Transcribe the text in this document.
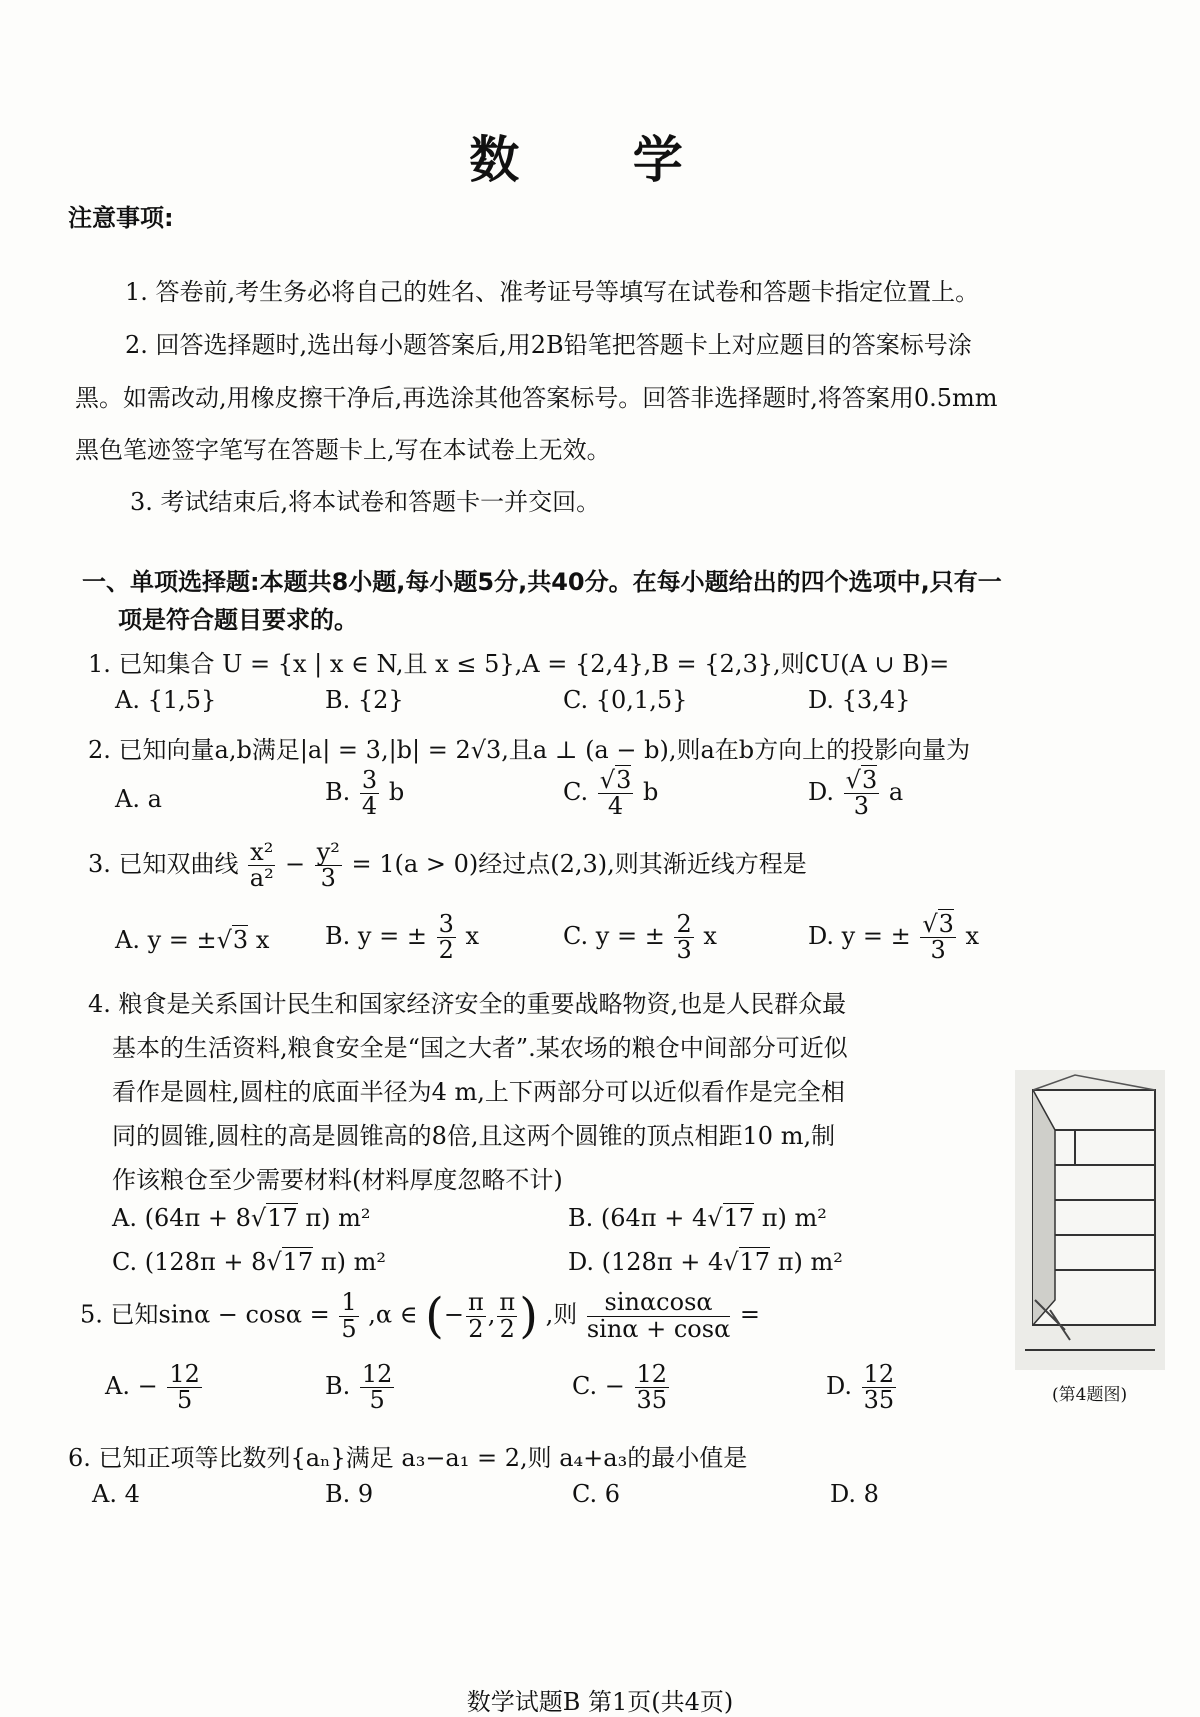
数 学
注意事项:
1. 答卷前,考生务必将自己的姓名、准考证号等填写在试卷和答题卡指定位置上。
2. 回答选择题时,选出每小题答案后,用2B铅笔把答题卡上对应题目的答案标号涂
黑。如需改动,用橡皮擦干净后,再选涂其他答案标号。回答非选择题时,将答案用0.5mm
黑色笔迹签字笔写在答题卡上,写在本试卷上无效。
3. 考试结束后,将本试卷和答题卡一并交回。
一、单项选择题:本题共8小题,每小题5分,共40分。在每小题给出的四个选项中,只有一
项是符合题目要求的。
1. 已知集合 U = {x | x ∈ N,且 x ≤ 5},A = {2,4},B = {2,3},则∁U(A ∪ B)=
A. {1,5}	B. {2}	C. {0,1,5}	D. {3,4}
2. 已知向量a,b满足|a| = 3,|b| = 2√3,且a ⊥ (a − b),则a在b方向上的投影向量为
A. a	B. $\frac{3}{4}$ b	C. $\frac{√3}{4}$ b	D. $\frac{√3}{3}$ a
3. 已知双曲线 $\frac{\text{x²}}{\text{a²}} - \frac{\text{y²}}{3} = 1(a > 0)$经过点(2,3),则其渐近线方程是
A. y = ±√3 x B. y = ± $\frac{3}{2}$ x	C. y = ± $\frac{2}{3}$ x	D. y = ± $\frac{√3}{3}$ x
4. 粮食是关系国计民生和国家经济安全的重要战略物资,也是人民群众最
基本的生活资料,粮食安全是“国之大者”.某农场的粮仓中间部分可近似
看作是圆柱,圆柱的底面半径为4 m,上下两部分可以近似看作是完全相
同的圆锥,圆柱的高是圆锥高的8倍,且这两个圆锥的顶点相距10 m,制
作该粮仓至少需要材料(材料厚度忽略不计)
A. (64π + 8√17 π) m²	B. (64π + 4√17 π) m²
C. (128π + 8√17 π) m²	D. (128π + 4√17 π) m²
(第4题图)
5. 已知$\sin\alpha - \cos\alpha = \frac{1}{5} ,\alpha$ ∈ (− $\frac{\pi}{2}$ , $\frac{\pi}{2}$ ) ,则 $\frac{\sin\alpha\cos\alpha}{\sin\alpha + \cos\alpha}$ =
A. − $\frac{12}{5}$	B. $\frac{12}{5}$	C. − $\frac{12}{35}$	D. $\frac{12}{35}$
6. 已知正项等比数列{aₙ}满足 a₃−a₁ = 2,则 a₄+a₃的最小值是
A. 4	B. 9	C. 6	D. 8
数学试题B 第1页(共4页)
